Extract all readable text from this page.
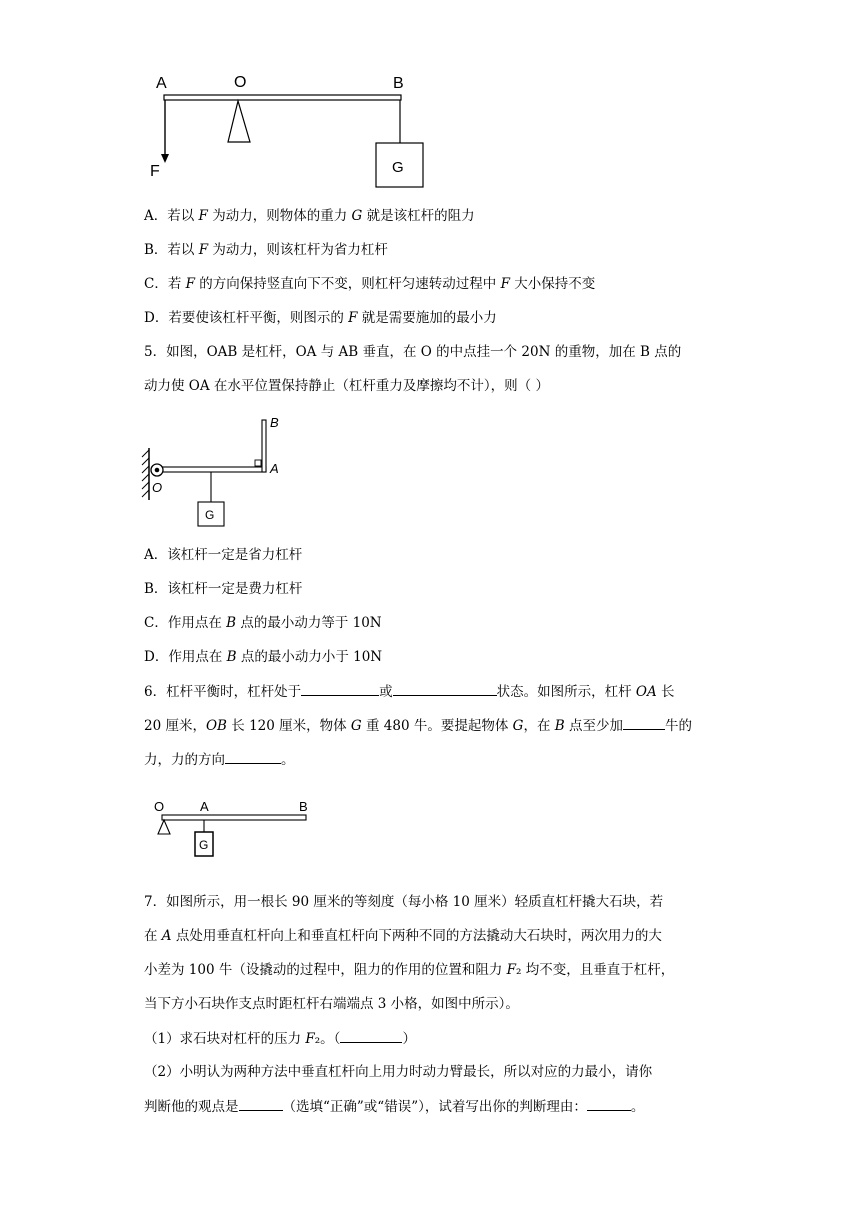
A	O	B
F	G
A．若以 F 为动力，则物体的重力 G 就是该杠杆的阻力
B．若以 F 为动力，则该杠杆为省力杠杆
C．若 F 的方向保持竖直向下不变，则杠杆匀速转动过程中 F 大小保持不变
D．若要使该杠杆平衡，则图示的 F 就是需要施加的最小力
5．如图，OAB 是杠杆，OA 与 AB 垂直，在 O 的中点挂一个 20N 的重物，加在 B 点的
动力使 OA 在水平位置保持静止（杠杆重力及摩擦均不计），则（ ）
B
A
O
G
A．该杠杆一定是省力杠杆
B．该杠杆一定是费力杠杆
C．作用点在 B 点的最小动力等于 10N
D．作用点在 B 点的最小动力小于 10N
6．杠杆平衡时，杠杆处于	或	状态。如图所示，杠杆 OA 长
20 厘米，OB 长 120 厘米，物体 G 重 480 牛。要提起物体 G，在 B 点至少加	牛的
力，力的方向	。
O	A	B
G
7．如图所示，用一根长 90 厘米的等刻度（每小格 10 厘米）轻质直杠杆撬大石块，若
在 A 点处用垂直杠杆向上和垂直杠杆向下两种不同的方法撬动大石块时，两次用力的大
小差为 100 牛（设撬动的过程中，阻力的作用的位置和阻力 F₂ 均不变，且垂直于杠杆，
当下方小石块作支点时距杠杆右端端点 3 小格，如图中所示）。
（1）求石块对杠杆的压力 F₂。（	）
（2）小明认为两种方法中垂直杠杆向上用力时动力臂最长，所以对应的力最小，请你
判断他的观点是	（选填“正确”或“错误”），试着写出你的判断理由：	。
